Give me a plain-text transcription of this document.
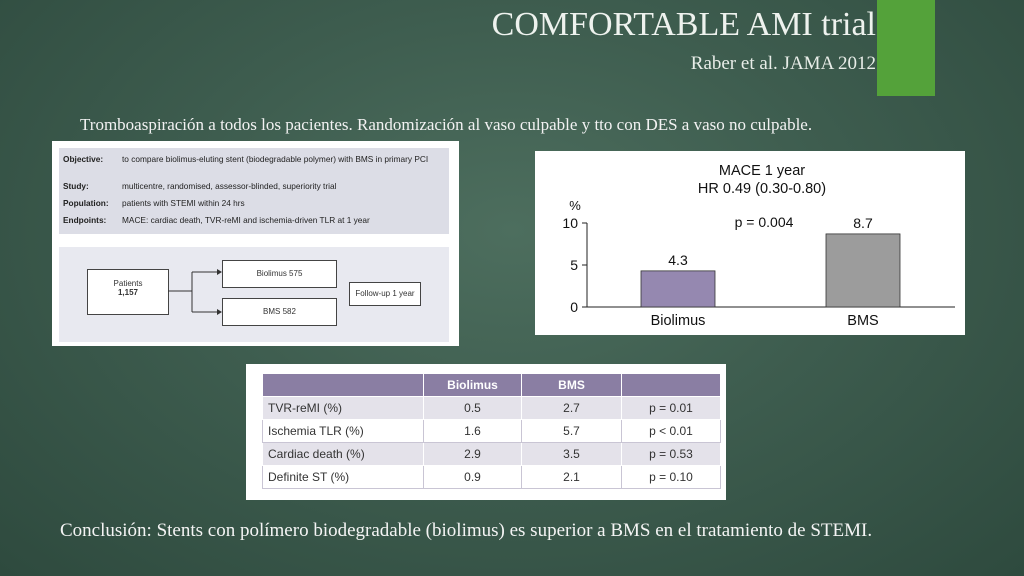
COMFORTABLE AMI trial
Raber et al. JAMA 2012
Tromboaspiración a todos los pacientes. Randomización al vaso culpable y tto con DES a vaso no culpable.
Objective: to compare biolimus-eluting stent (biodegradable polymer) with BMS in primary PCI
Study:	multicentre, randomised, assessor-blinded, superiority trial
Population: patients with STEMI within 24 hrs
Endpoints: MACE: cardiac death, TVR-reMI and ischemia-driven TLR at 1 year
Patients
1,157
Biolimus 575
BMS 582
Follow-up 1 year
MACE 1 year
HR 0.49 (0.30-0.80)
%
p = 0.004
0
5
10
4.3
Biolimus
8.7
BMS
	Biolimus	BMS	
TVR-reMI (%)	0.5	2.7	p = 0.01
Ischemia TLR (%)	1.6	5.7	p < 0.01
Cardiac death (%)	2.9	3.5	p = 0.53
Definite ST (%)	0.9	2.1	p = 0.10
Conclusión: Stents con polímero biodegradable (biolimus) es superior a BMS en el tratamiento de STEMI.
